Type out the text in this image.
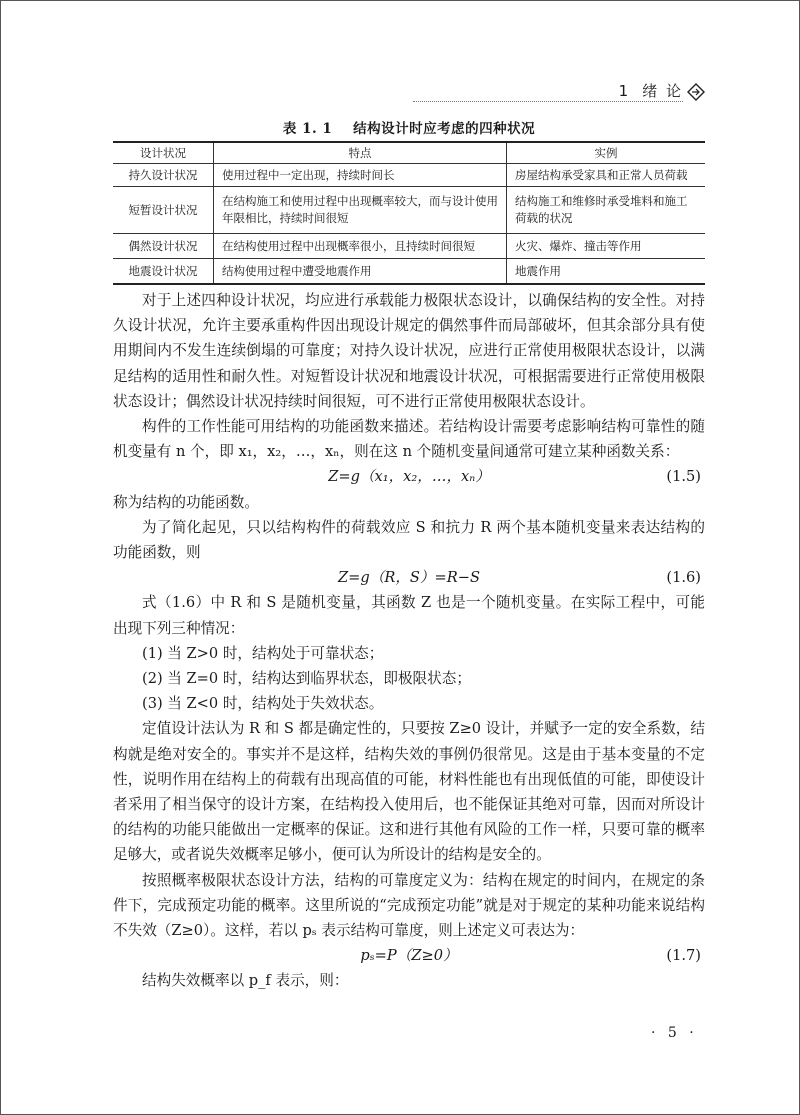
1 绪 论
表 1. 1    结构设计时应考虑的四种状况
设计状况	特点	实例
持久设计状况	使用过程中一定出现，持续时间长	房屋结构承受家具和正常人员荷载
短暂设计状况	在结构施工和使用过程中出现概率较大，而与设计使用年限相比，持续时间很短	结构施工和维修时承受堆料和施工荷载的状况
偶然设计状况	在结构使用过程中出现概率很小，且持续时间很短	火灾、爆炸、撞击等作用
地震设计状况	结构使用过程中遭受地震作用	地震作用

对于上述四种设计状况，均应进行承载能力极限状态设计，以确保结构的安全性。对持久设计状况，允许主要承重构件因出现设计规定的偶然事件而局部破坏，但其余部分具有使用期间内不发生连续倒塌的可靠度；对持久设计状况，应进行正常使用极限状态设计，以满足结构的适用性和耐久性。对短暂设计状况和地震设计状况，可根据需要进行正常使用极限状态设计；偶然设计状况持续时间很短，可不进行正常使用极限状态设计。

构件的工作性能可用结构的功能函数来描述。若结构设计需要考虑影响结构可靠性的随机变量有 n 个，即 x₁，x₂，…，xₙ，则在这 n 个随机变量间通常可建立某种函数关系：

Z=g（x₁，x₂，…，xₙ）	(1.5)

称为结构的功能函数。

为了简化起见，只以结构构件的荷载效应 S 和抗力 R 两个基本随机变量来表达结构的功能函数，则

Z=g（R，S）=R−S	(1.6)

式（1.6）中 R 和 S 是随机变量，其函数 Z 也是一个随机变量。在实际工程中，可能出现下列三种情况：

(1) 当 Z>0 时，结构处于可靠状态；

(2) 当 Z=0 时，结构达到临界状态，即极限状态；

(3) 当 Z<0 时，结构处于失效状态。

定值设计法认为 R 和 S 都是确定性的，只要按 Z≥0 设计，并赋予一定的安全系数，结构就是绝对安全的。事实并不是这样，结构失效的事例仍很常见。这是由于基本变量的不定性，说明作用在结构上的荷载有出现高值的可能，材料性能也有出现低值的可能，即使设计者采用了相当保守的设计方案，在结构投入使用后，也不能保证其绝对可靠，因而对所设计的结构的功能只能做出一定概率的保证。这和进行其他有风险的工作一样，只要可靠的概率足够大，或者说失效概率足够小，便可认为所设计的结构是安全的。

按照概率极限状态设计方法，结构的可靠度定义为：结构在规定的时间内，在规定的条件下，完成预定功能的概率。这里所说的“完成预定功能”就是对于规定的某种功能来说结构不失效（Z≥0）。这样，若以 pₛ 表示结构可靠度，则上述定义可表达为：

pₛ=P（Z≥0）	(1.7)

结构失效概率以 p_f 表示，则：

· 5 ·
